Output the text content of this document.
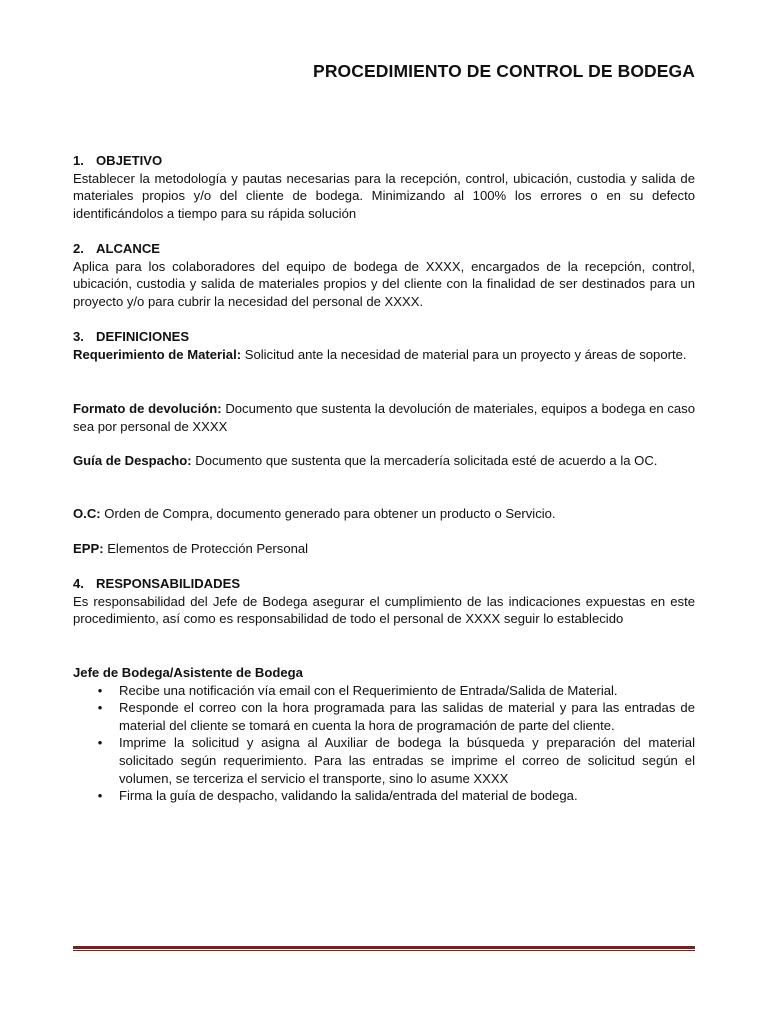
PROCEDIMIENTO DE CONTROL DE BODEGA

1. OBJETIVO

Establecer la metodología y pautas necesarias para la recepción, control, ubicación, custodia y salida de materiales propios y/o del cliente de bodega. Minimizando al 100% los errores o en su defecto identificándolos a tiempo para su rápida solución

2. ALCANCE

Aplica para los colaboradores del equipo de bodega de XXXX, encargados de la recepción, control, ubicación, custodia y salida de materiales propios y del cliente con la finalidad de ser destinados para un proyecto y/o para cubrir la necesidad del personal de XXXX.

3. DEFINICIONES

Requerimiento de Material: Solicitud ante la necesidad de material para un proyecto y áreas de soporte.

Formato de devolución: Documento que sustenta la devolución de materiales, equipos a bodega en caso sea por personal de XXXX

Guía de Despacho: Documento que sustenta que la mercadería solicitada esté de acuerdo a la OC.

O.C: Orden de Compra, documento generado para obtener un producto o Servicio.

EPP: Elementos de Protección Personal

4. RESPONSABILIDADES

Es responsabilidad del Jefe de Bodega asegurar el cumplimiento de las indicaciones expuestas en este procedimiento, así como es responsabilidad de todo el personal de XXXX seguir lo establecido

Jefe de Bodega/Asistente de Bodega

• Recibe una notificación vía email con el Requerimiento de Entrada/Salida de Material.
• Responde el correo con la hora programada para las salidas de material y para las entradas de material del cliente se tomará en cuenta la hora de programación de parte del cliente.
• Imprime la solicitud y asigna al Auxiliar de bodega la búsqueda y preparación del material solicitado según requerimiento. Para las entradas se imprime el correo de solicitud según el volumen, se terceriza el servicio el transporte, sino lo asume XXXX
• Firma la guía de despacho, validando la salida/entrada del material de bodega.
